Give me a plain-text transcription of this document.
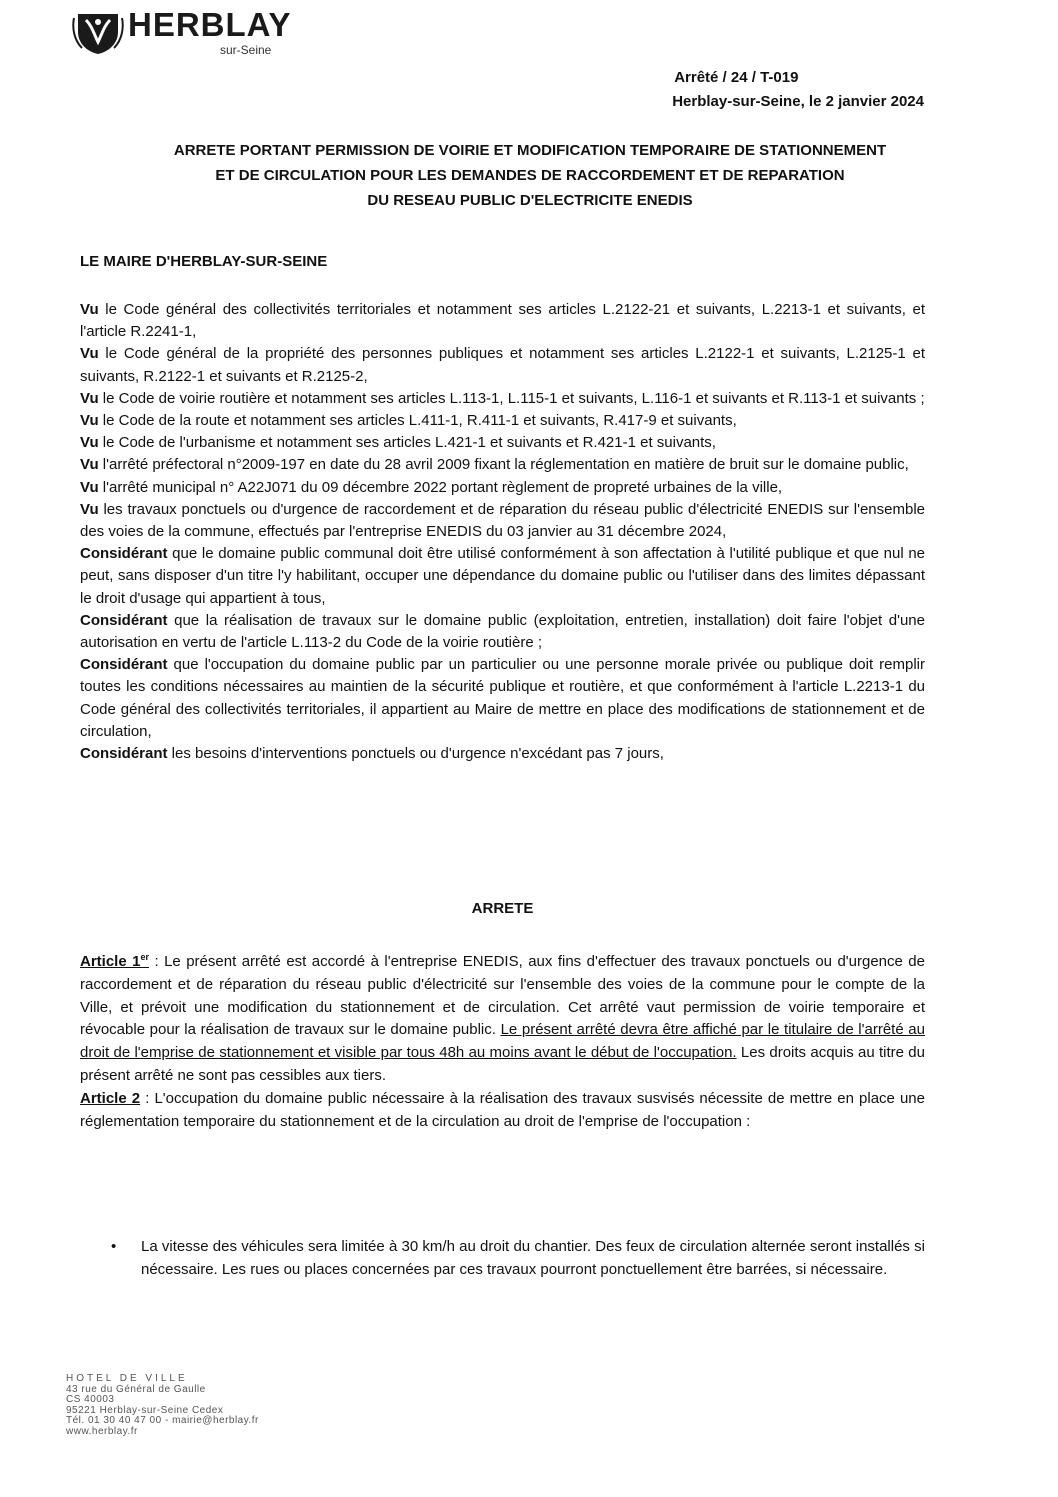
HERBLAY
sur-Seine
Arrêté / 24 / T-019
Herblay-sur-Seine, le 2 janvier 2024
ARRETE PORTANT PERMISSION DE VOIRIE ET MODIFICATION TEMPORAIRE DE STATIONNEMENT
ET DE CIRCULATION POUR LES DEMANDES DE RACCORDEMENT ET DE REPARATION
DU RESEAU PUBLIC D'ELECTRICITE ENEDIS
LE MAIRE D'HERBLAY-SUR-SEINE

Vu le Code général des collectivités territoriales et notamment ses articles L.2122-21 et suivants, L.2213-1 et suivants, et l'article R.2241-1,

Vu le Code général de la propriété des personnes publiques et notamment ses articles L.2122-1 et suivants, L.2125-1 et suivants, R.2122-1 et suivants et R.2125-2,

Vu le Code de voirie routière et notamment ses articles L.113-1, L.115-1 et suivants, L.116-1 et suivants et R.113-1 et suivants ;

Vu le Code de la route et notamment ses articles L.411-1, R.411-1 et suivants, R.417-9 et suivants,

Vu le Code de l'urbanisme et notamment ses articles L.421-1 et suivants et R.421-1 et suivants,

Vu l'arrêté préfectoral n°2009-197 en date du 28 avril 2009 fixant la réglementation en matière de bruit sur le domaine public,

Vu l'arrêté municipal n° A22J071 du 09 décembre 2022 portant règlement de propreté urbaines de la ville,

Vu les travaux ponctuels ou d'urgence de raccordement et de réparation du réseau public d'électricité ENEDIS sur l'ensemble des voies de la commune, effectués par l'entreprise ENEDIS du 03 janvier au 31 décembre 2024,

Considérant que le domaine public communal doit être utilisé conformément à son affectation à l'utilité publique et que nul ne peut, sans disposer d'un titre l'y habilitant, occuper une dépendance du domaine public ou l'utiliser dans des limites dépassant le droit d'usage qui appartient à tous,

Considérant que la réalisation de travaux sur le domaine public (exploitation, entretien, installation) doit faire l'objet d'une autorisation en vertu de l'article L.113-2 du Code de la voirie routière ;

Considérant que l'occupation du domaine public par un particulier ou une personne morale privée ou publique doit remplir toutes les conditions nécessaires au maintien de la sécurité publique et routière, et que conformément à l'article L.2213-1 du Code général des collectivités territoriales, il appartient au Maire de mettre en place des modifications de stationnement et de circulation,

Considérant les besoins d'interventions ponctuels ou d'urgence n'excédant pas 7 jours,

ARRETE

Article 1er : Le présent arrêté est accordé à l'entreprise ENEDIS, aux fins d'effectuer des travaux ponctuels ou d'urgence de raccordement et de réparation du réseau public d'électricité sur l'ensemble des voies de la commune pour le compte de la Ville, et prévoit une modification du stationnement et de circulation. Cet arrêté vaut permission de voirie temporaire et révocable pour la réalisation de travaux sur le domaine public. Le présent arrêté devra être affiché par le titulaire de l'arrêté au droit de l'emprise de stationnement et visible par tous 48h au moins avant le début de l'occupation. Les droits acquis au titre du présent arrêté ne sont pas cessibles aux tiers.

Article 2 : L'occupation du domaine public nécessaire à la réalisation des travaux susvisés nécessite de mettre en place une réglementation temporaire du stationnement et de la circulation au droit de l'emprise de l'occupation :

• La vitesse des véhicules sera limitée à 30 km/h au droit du chantier. Des feux de circulation alternée seront installés si nécessaire. Les rues ou places concernées par ces travaux pourront ponctuellement être barrées, si nécessaire.
HOTEL DE VILLE
43 rue du Général de Gaulle
CS 40003
95221 Herblay-sur-Seine Cedex
Tél. 01 30 40 47 00 - mairie@herblay.fr
www.herblay.fr
